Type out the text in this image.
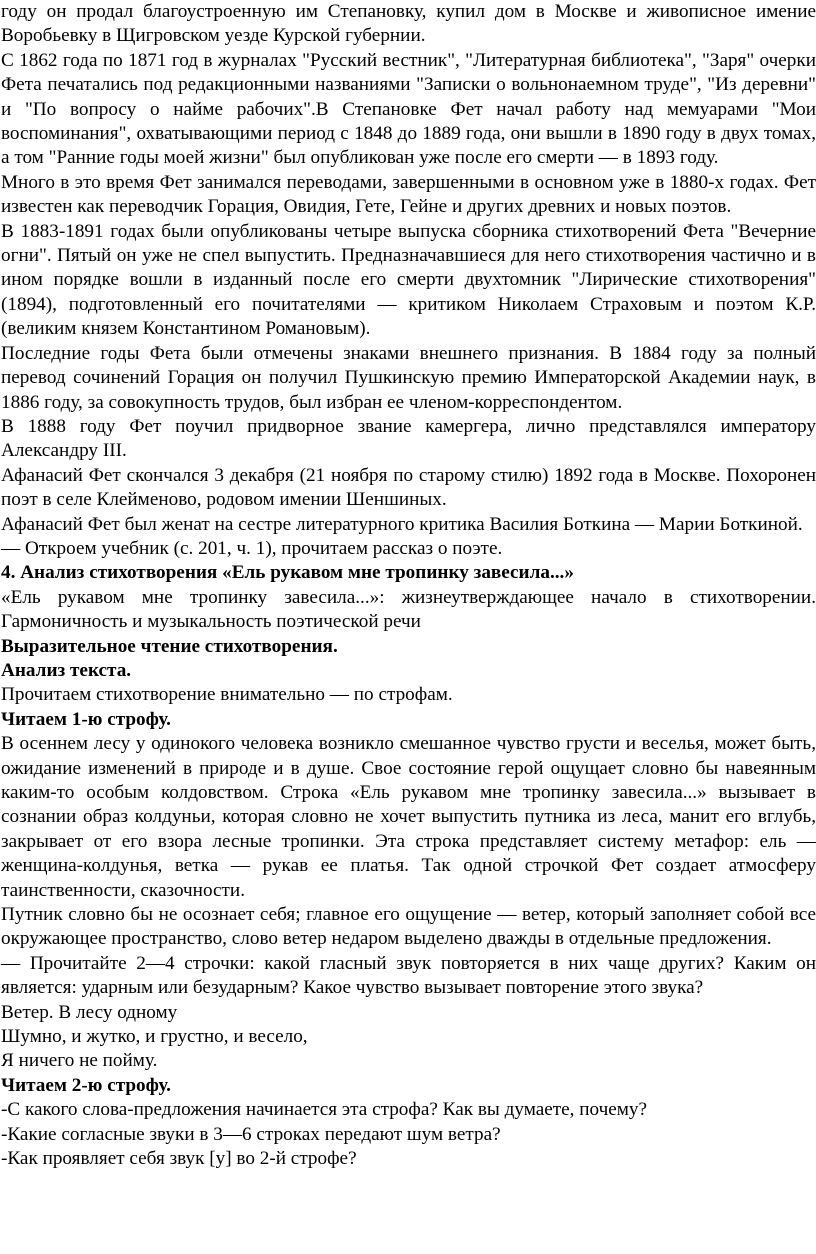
году он продал благоустроенную им Степановку, купил дом в Москве и живописное имение Воробьевку в Щигровском уезде Курской губернии.

С 1862 года по 1871 год в журналах "Русский вестник", "Литературная библиотека", "Заря" очерки Фета печатались под редакционными названиями "Записки о вольнонаемном труде", "Из деревни" и "По вопросу о найме рабочих".В Степановке Фет начал работу над мемуарами "Мои воспоминания", охватывающими период с 1848 до 1889 года, они вышли в 1890 году в двух томах, а том "Ранние годы моей жизни" был опубликован уже после его смерти — в 1893 году.

Много в это время Фет занимался переводами, завершенными в основном уже в 1880-х годах. Фет известен как переводчик Горация, Овидия, Гете, Гейне и других древних и новых поэтов.

В 1883-1891 годах были опубликованы четыре выпуска сборника стихотворений Фета "Вечерние огни". Пятый он уже не спел выпустить. Предназначавшиеся для него стихотворения частично и в ином порядке вошли в изданный после его смерти двухтомник "Лирические стихотворения" (1894), подготовленный его почитателями — критиком Николаем Страховым и поэтом К.Р. (великим князем Константином Романовым).

Последние годы Фета были отмечены знаками внешнего признания. В 1884 году за полный перевод сочинений Горация он получил Пушкинскую премию Императорской Академии наук, в 1886 году, за совокупность трудов, был избран ее членом-корреспондентом.

В 1888 году Фет поучил придворное звание камергера, лично представлялся императору Александру III.

Афанасий Фет скончался 3 декабря (21 ноября по старому стилю) 1892 года в Москве. Похоронен поэт в селе Клейменово, родовом имении Шеншиных.

Афанасий Фет был женат на сестре литературного критика Василия Боткина — Марии Боткиной.

— Откроем учебник (с. 201, ч. 1), прочитаем рассказ о поэте.

4. Анализ стихотворения «Ель рукавом мне тропинку завесила...»

«Ель рукавом мне тропинку завесила...»: жизнеутверждающее начало в стихотворении. Гармоничность и музыкальность поэтической речи

Выразительное чтение стихотворения.

Анализ текста.

Прочитаем стихотворение внимательно — по строфам.

Читаем 1-ю строфу.

В осеннем лесу у одинокого человека возникло смешанное чувство грусти и веселья, может быть, ожидание изменений в природе и в душе. Свое состояние герой ощущает словно бы навеянным каким-то особым колдовством. Строка «Ель рукавом мне тропинку завесила...» вызывает в сознании образ колдуньи, которая словно не хочет выпустить путника из леса, манит его вглубь, закрывает от его взора лесные тропинки. Эта строка представляет систему метафор: ель — женщина-колдунья, ветка — рукав ее платья. Так одной строчкой Фет создает атмосферу таинственности, сказочности.

Путник словно бы не осознает себя; главное его ощущение — ветер, который заполняет собой все окружающее пространство, слово ветер недаром выделено дважды в отдельные предложения.

— Прочитайте 2—4 строчки: какой гласный звук повторяется в них чаще других? Каким он является: ударным или безударным? Какое чувство вызывает повторение этого звука?

Ветер. В лесу одному

Шумно, и жутко, и грустно, и весело,

Я ничего не пойму.

Читаем 2-ю строфу.

-С какого слова-предложения начинается эта строфа? Как вы думаете, почему?

-Какие согласные звуки в 3—6 строках передают шум ветра?

-Как проявляет себя звук [у] во 2-й строфе?
